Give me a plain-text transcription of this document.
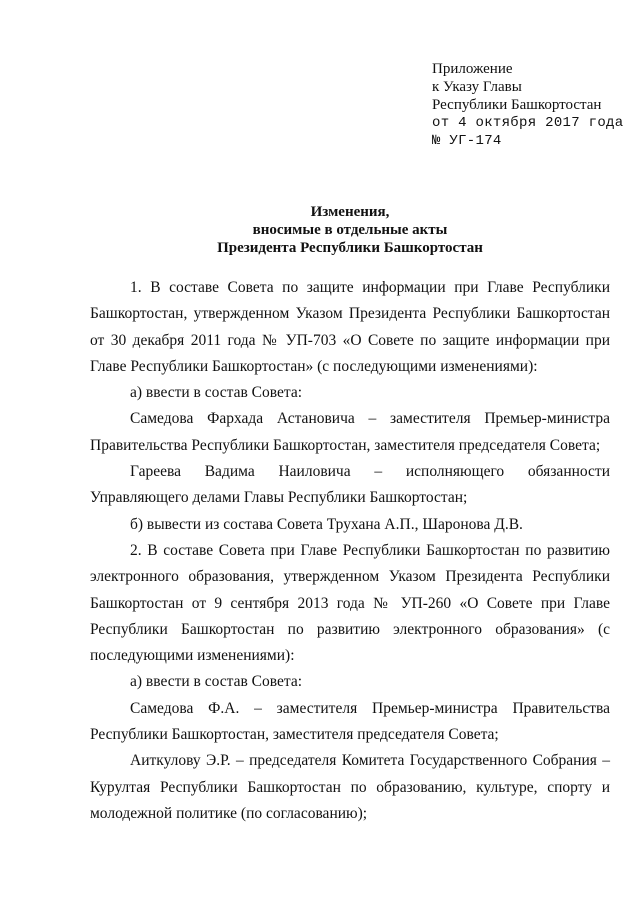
Приложение
к Указу Главы
Республики Башкортостан
от 4 октября 2017 года
№ УГ-174
Изменения,
вносимые в отдельные акты
Президента Республики Башкортостан

1. В составе Совета по защите информации при Главе Республики Башкортостан, утвержденном Указом Президента Республики Башкортостан от 30 декабря 2011 года № УП-703 «О Совете по защите информации при Главе Республики Башкортостан» (с последующими изменениями):

а) ввести в состав Совета:

Самедова Фархада Астановича – заместителя Премьер-министра Правительства Республики Башкортостан, заместителя председателя Совета;

Гареева Вадима Наиловича – исполняющего обязанности Управляющего делами Главы Республики Башкортостан;

б) вывести из состава Совета Трухана А.П., Шаронова Д.В.

2. В составе Совета при Главе Республики Башкортостан по развитию электронного образования, утвержденном Указом Президента Республики Башкортостан от 9 сентября 2013 года № УП-260 «О Совете при Главе Республики Башкортостан по развитию электронного образования» (с последующими изменениями):

а) ввести в состав Совета:

Самедова Ф.А. – заместителя Премьер-министра Правительства Республики Башкортостан, заместителя председателя Совета;

Аиткулову Э.Р. – председателя Комитета Государственного Собрания – Курултая Республики Башкортостан по образованию, культуре, спорту и молодежной политике (по согласованию);
